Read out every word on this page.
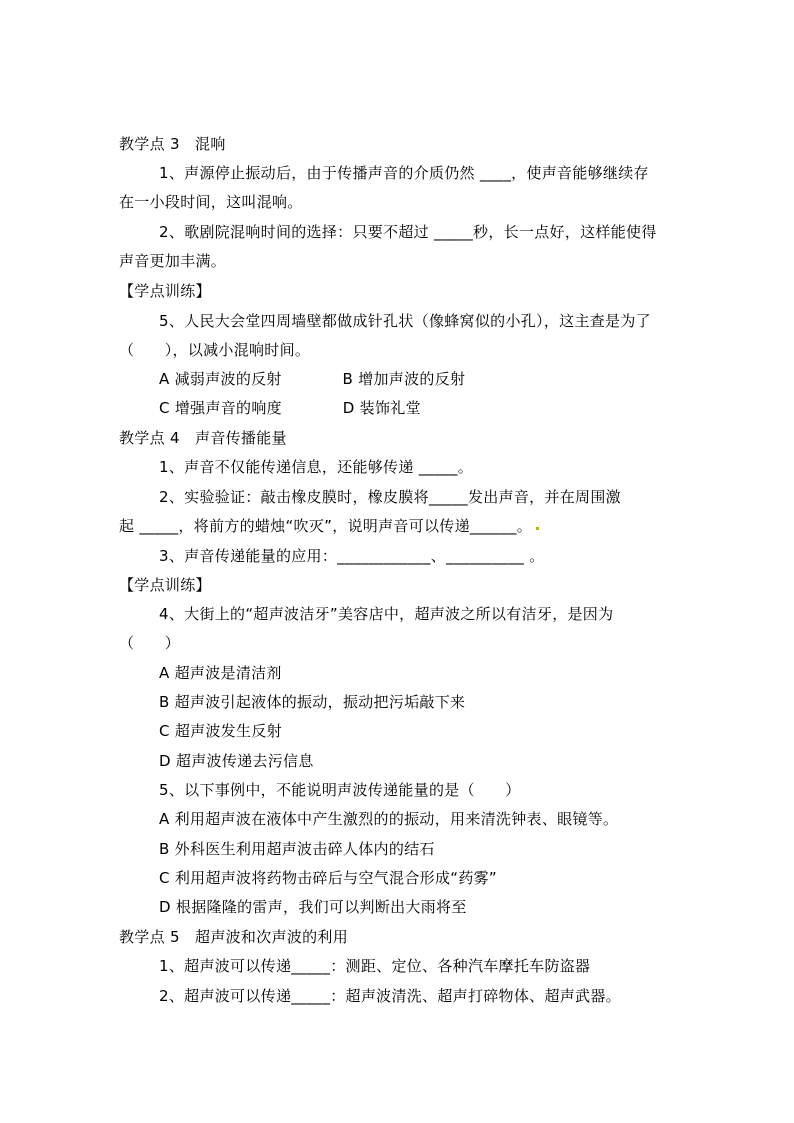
教学点 3   混响
1、声源停止振动后，由于传播声音的介质仍然 ____，使声音能够继续存
在一小段时间，这叫混响。
2、歌剧院混响时间的选择：只要不超过 _____秒，长一点好，这样能使得
声音更加丰满。
【学点训练】
5、人民大会堂四周墙壁都做成针孔状（像蜂窝似的小孔），这主查是为了
（      ），以减小混响时间。
A 减弱声波的反射            B 增加声波的反射
C 增强声音的响度            D 装饰礼堂
教学点 4   声音传播能量
1、声音不仅能传递信息，还能够传递 _____。
2、实验验证：敲击橡皮膜时，橡皮膜将_____发出声音，并在周围激
起 _____，将前方的蜡烛“吹灭”，说明声音可以传递______。
3、声音传递能量的应用：____________、__________ 。
【学点训练】
4、大街上的“超声波洁牙”美容店中，超声波之所以有洁牙，是因为
（      ）
A 超声波是清洁剂
B 超声波引起液体的振动，振动把污垢敲下来
C 超声波发生反射
D 超声波传递去污信息
5、以下事例中，不能说明声波传递能量的是（      ）
A 利用超声波在液体中产生激烈的的振动，用来清洗钟表、眼镜等。
B 外科医生利用超声波击碎人体内的结石
C 利用超声波将药物击碎后与空气混合形成“药雾”
D 根据隆隆的雷声，我们可以判断出大雨将至
教学点 5   超声波和次声波的利用
1、超声波可以传递_____：测距、定位、各种汽车摩托车防盗器
2、超声波可以传递_____：超声波清洗、超声打碎物体、超声武器。
